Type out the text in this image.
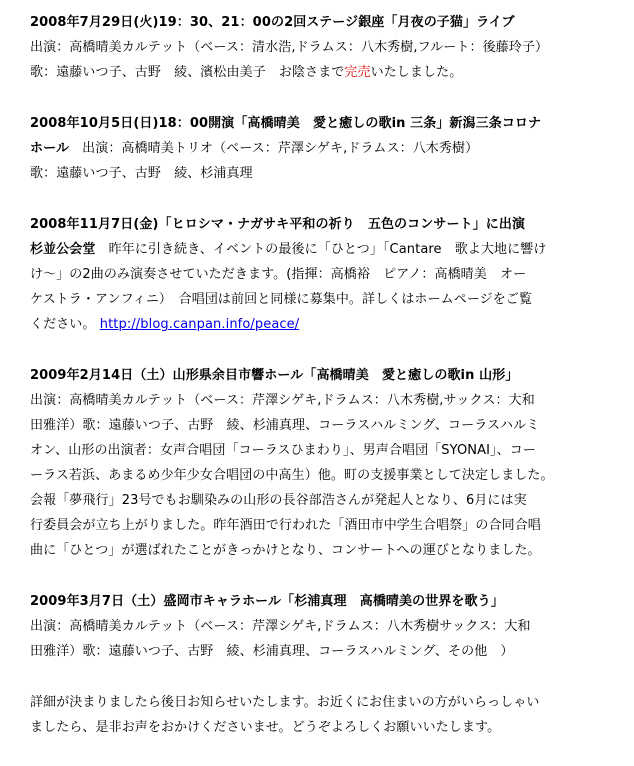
2008年7月29日(火)19：30、21：00の2回ステージ銀座「月夜の子猫」ライブ
出演：高橋晴美カルテット（ベース：清水浩,ドラムス：八木秀樹,フルート：後藤玲子）
歌：遠藤いつ子、古野　綾、濱松由美子　お陰さまで完売いたしました。
2008年10月5日(日)18：00開演「高橋晴美　愛と癒しの歌in 三条」新潟三条コロナ
ホール　出演：高橋晴美トリオ（ベース：芹澤シゲキ,ドラムス：八木秀樹）
歌：遠藤いつ子、古野　綾、杉浦真理
2008年11月7日(金)「ヒロシマ・ナガサキ平和の祈り　五色のコンサート」に出演
杉並公会堂　昨年に引き続き、イベントの最後に「ひとつ」「Cantare　歌よ大地に響け
け〜」の2曲のみ演奏させていただきます。(指揮：高橋裕　ピアノ：高橋晴美　オー
ケストラ・アンフィニ）　合唱団は前回と同様に募集中。詳しくはホームページをご覧
ください。 http://blog.canpan.info/peace/
2009年2月14日（土）山形県余目市響ホール「高橋晴美　愛と癒しの歌in 山形」
出演：高橋晴美カルテット（ベース：芹澤シゲキ,ドラムス：八木秀樹,サックス：大和
田雅洋）歌：遠藤いつ子、古野　綾、杉浦真理、コーラスハルミング、コーラスハルミ
オン、山形の出演者：女声合唱団「コーラスひまわり」、男声合唱団「SYONAI」、コー
ーラス若浜、あまるめ少年少女合唱団の中高生）他。町の支援事業として決定しました。
会報「夢飛行」23号でもお馴染みの山形の長谷部浩さんが発起人となり、6月には実
行委員会が立ち上がりました。昨年酒田で行われた「酒田市中学生合唱祭」の合同合唱
曲に「ひとつ」が選ばれたことがきっかけとなり、コンサートへの運びとなりました。
2009年3月7日（土）盛岡市キャラホール「杉浦真理　高橋晴美の世界を歌う」
出演：高橋晴美カルテット（ベース：芹澤シゲキ,ドラムス：八木秀樹サックス：大和
田雅洋）歌：遠藤いつ子、古野　綾、杉浦真理、コーラスハルミング、その他　）
詳細が決まりましたら後日お知らせいたします。お近くにお住まいの方がいらっしゃい
ましたら、是非お声をおかけくださいませ。どうぞよろしくお願いいたします。
